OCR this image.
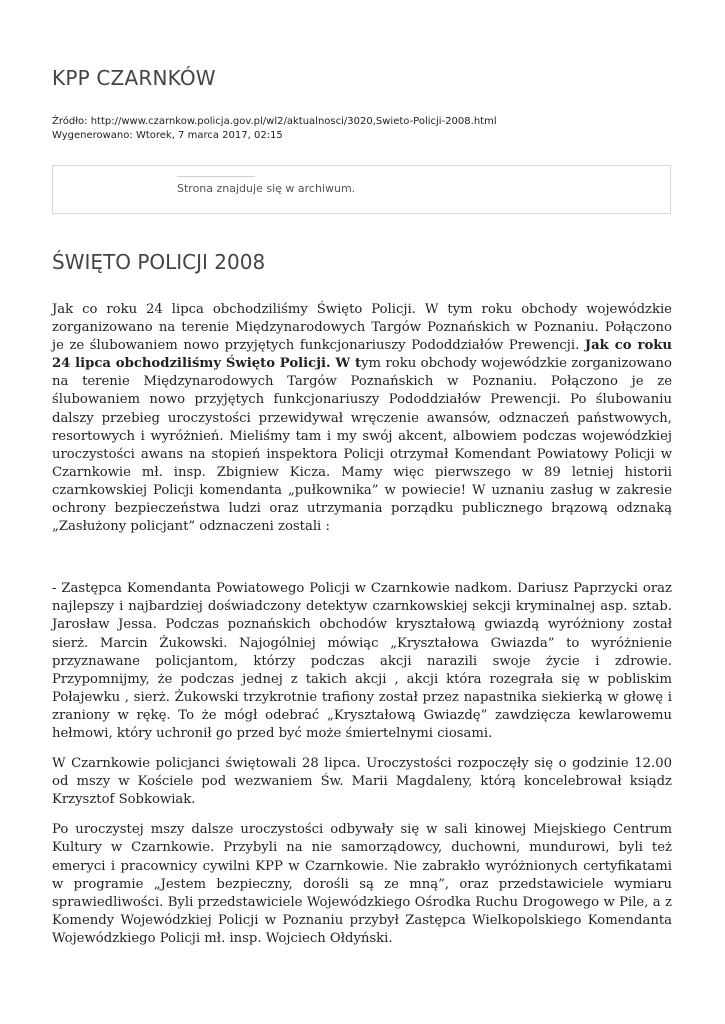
KPP CZARNKÓW
Źródło: http://www.czarnkow.policja.gov.pl/wl2/aktualnosci/3020,Swieto-Policji-2008.html
Wygenerowano: Wtorek, 7 marca 2017, 02:15
Strona znajduje się w archiwum.
ŚWIĘTO POLICJI 2008

Jak co roku 24 lipca obchodziliśmy Święto Policji. W tym roku obchody wojewódzkie zorganizowano na terenie Międzynarodowych Targów Poznańskich w Poznaniu. Połączono je ze ślubowaniem nowo przyjętych funkcjonariuszy Pododdziałów Prewencji. Jak co roku 24 lipca obchodziliśmy Święto Policji. W tym roku obchody wojewódzkie zorganizowano na terenie Międzynarodowych Targów Poznańskich w Poznaniu. Połączono je ze ślubowaniem nowo przyjętych funkcjonariuszy Pododdziałów Prewencji. Po ślubowaniu dalszy przebieg uroczystości przewidywał wręczenie awansów, odznaczeń państwowych, resortowych i wyróżnień. Mieliśmy tam i my swój akcent, albowiem podczas wojewódzkiej uroczystości awans na stopień inspektora Policji otrzymał Komendant Powiatowy Policji w Czarnkowie mł. insp. Zbigniew Kicza. Mamy więc pierwszego w 89 letniej historii czarnkowskiej Policji komendanta „pułkownika” w powiecie! W uznaniu zasług w zakresie ochrony bezpieczeństwa ludzi oraz utrzymania porządku publicznego brązową odznaką „Zasłużony policjant” odznaczeni zostali :

- Zastępca Komendanta Powiatowego Policji w Czarnkowie nadkom. Dariusz Paprzycki oraz najlepszy i najbardziej doświadczony detektyw czarnkowskiej sekcji kryminalnej asp. sztab. Jarosław Jessa. Podczas poznańskich obchodów kryształową gwiazdą wyróżniony został sierż. Marcin Żukowski. Najogólniej mówiąc „Kryształowa Gwiazda” to wyróżnienie przyznawane policjantom, którzy podczas akcji narazili swoje życie i zdrowie. Przypomnijmy, że podczas jednej z takich akcji , akcji która rozegrała się w pobliskim Połajewku , sierż. Żukowski trzykrotnie trafiony został przez napastnika siekierką w głowę i zraniony w rękę. To że mógł odebrać „Kryształową Gwiazdę” zawdzięcza kewlarowemu hełmowi, który uchronił go przed być może śmiertelnymi ciosami.

W Czarnkowie policjanci świętowali 28 lipca. Uroczystości rozpoczęły się o godzinie 12.00 od mszy w Kościele pod wezwaniem Św. Marii Magdaleny, którą koncelebrował ksiądz Krzysztof Sobkowiak.

Po uroczystej mszy dalsze uroczystości odbywały się w sali kinowej Miejskiego Centrum Kultury w Czarnkowie. Przybyli na nie samorządowcy, duchowni, mundurowi, byli też emeryci i pracownicy cywilni KPP w Czarnkowie. Nie zabrakło wyróżnionych certyfikatami w programie „Jestem bezpieczny, dorośli są ze mną”, oraz przedstawiciele wymiaru sprawiedliwości. Byli przedstawiciele Wojewódzkiego Ośrodka Ruchu Drogowego w Pile, a z Komendy Wojewódzkiej Policji w Poznaniu przybył Zastępca Wielkopolskiego Komendanta Wojewódzkiego Policji mł. insp. Wojciech Ołdyński.
